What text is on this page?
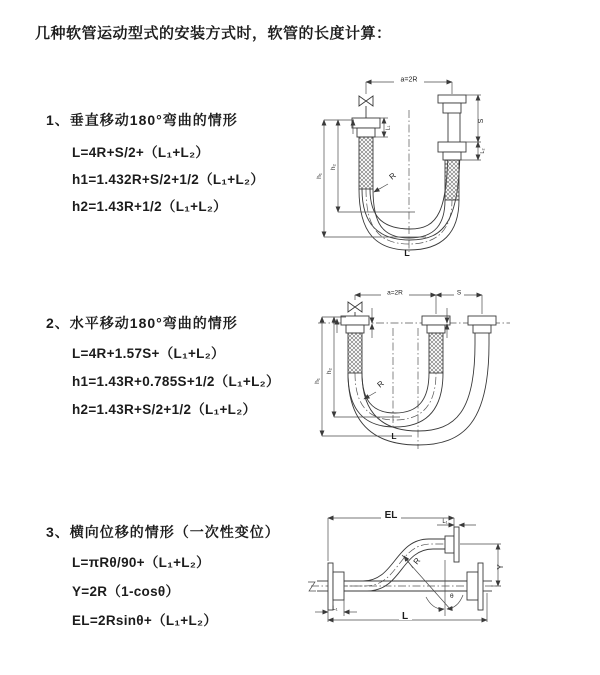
几种软管运动型式的安装方式时，软管的长度计算：
1、垂直移动180°弯曲的情形
L=4R+S/2+（L₁+L₂）
h1=1.432R+S/2+1/2（L₁+L₂）
h2=1.43R+1/2（L₁+L₂）
2、水平移动180°弯曲的情形
L=4R+1.57S+（L₁+L₂）
h1=1.43R+0.785S+1/2（L₁+L₂）
h2=1.43R+S/2+1/2（L₁+L₂）
3、横向位移的情形（一次性变位）
L=πRθ/90+（L₁+L₂）
Y=2R（1-cosθ）
EL=2Rsinθ+（L₁+L₂）
a=2R
S
L₂
L₁
h₁
h₂
R
L
a=2R	S
h₁
h₂
R
L
EL
L₁
Y
R
θ
L
L₁
